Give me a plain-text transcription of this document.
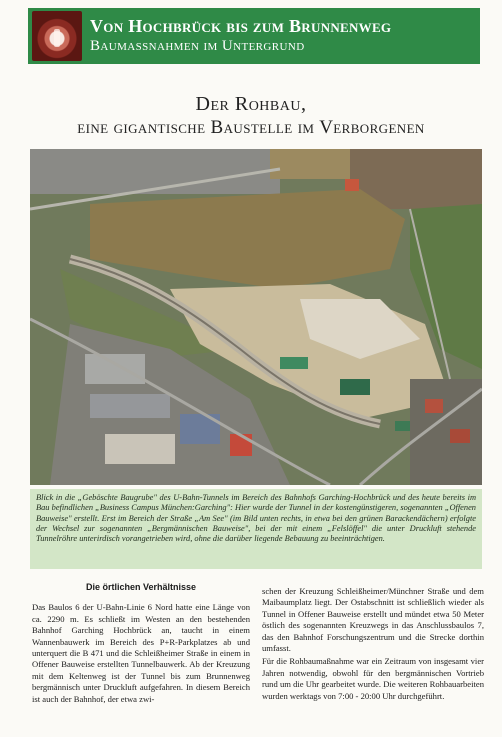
Von Hochbrück bis zum Brunnenweg
Baumassnahmen im Untergrund
Der Rohbau,
eine gigantische Baustelle im Verborgenen
Blick in die „Geböschte Baugrube" des U-Bahn-Tunnels im Bereich des Bahnhofs Garching-Hochbrück und des heute bereits im Bau befindlichen „Business Campus München:Garching": Hier wurde der Tunnel in der kostengünstigeren, sogenannten „Offenen Bauweise" erstellt. Erst im Bereich der Straße „Am See" (im Bild unten rechts, in etwa bei den grünen Barackendächern) erfolgte der Wechsel zur sogenannten „Bergmännischen Bauweise", bei der mit einem „Felslöffel" die unter Druckluft stehende Tunnelröhre unterirdisch vorangetrieben wird, ohne die darüber liegende Bebauung zu beeinträchtigen.
Die örtlichen Verhältnisse

Das Baulos 6 der U-Bahn-Linie 6 Nord hatte eine Länge von ca. 2290 m. Es schließt im Westen an den bestehenden Bahnhof Garching Hochbrück an, taucht in einem Wannenbauwerk im Bereich des P+R-Parkplatzes ab und unterquert die B 471 und die Schleißheimer Straße in einem in Offener Bauweise erstellten Tunnelbauwerk. Ab der Kreuzung mit dem Keltenweg ist der Tunnel bis zum Brunnenweg bergmännisch unter Druckluft aufgefahren. In diesem Bereich ist auch der Bahnhof, der etwa zwi-

schen der Kreuzung Schleißheimer/Münchner Straße und dem Maibaumplatz liegt. Der Ostabschnitt ist schließlich wieder als Tunnel in Offener Bauweise erstellt und mündet etwa 50 Meter östlich des sogenannten Kreuzwegs in das Anschlussbaulos 7, das den Bahnhof Forschungszentrum und die Strecke dorthin umfasst.

Für die Rohbaumaßnahme war ein Zeitraum von insgesamt vier Jahren notwendig, obwohl für den bergmännischen Vortrieb rund um die Uhr gearbeitet wurde. Die weiteren Rohbauarbeiten wurden werktags von 7:00 - 20:00 Uhr durchgeführt.
